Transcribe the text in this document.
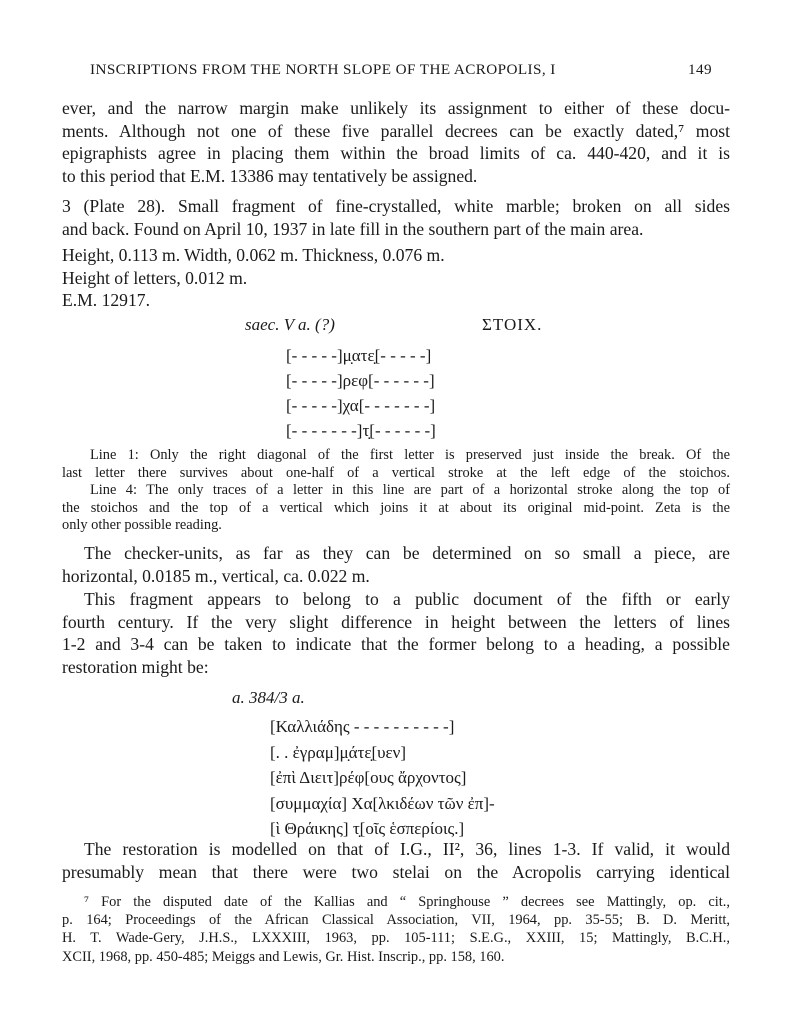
INSCRIPTIONS FROM THE NORTH SLOPE OF THE ACROPOLIS, I	149
ever, and the narrow margin make unlikely its assignment to either of these docu-
ments. Although not one of these five parallel decrees can be exactly dated,⁷ most
epigraphists agree in placing them within the broad limits of ca. 440-420, and it is
to this period that E.M. 13386 may tentatively be assigned.
3 (Plate 28). Small fragment of fine-crystalled, white marble; broken on all sides
and back. Found on April 10, 1937 in late fill in the southern part of the main area.
Height, 0.113 m. Width, 0.062 m. Thickness, 0.076 m.
Height of letters, 0.012 m.
E.M. 12917.
saec. V a. (?)	ΣΤΟΙΧ.
[- - - - -]μ̣ατε̣[- - - - -]
[- - - - -]ρεφ[- - - - - -]
[- - - - -]χα[- - - - - - -]
[- - - - - - -]τ̣[- - - - - -]
Line 1: Only the right diagonal of the first letter is preserved just inside the break. Of the
last letter there survives about one-half of a vertical stroke at the left edge of the stoichos.
Line 4: The only traces of a letter in this line are part of a horizontal stroke along the top of
the stoichos and the top of a vertical which joins it at about its original mid-point. Zeta is the
only other possible reading.
The checker-units, as far as they can be determined on so small a piece, are
horizontal, 0.0185 m., vertical, ca. 0.022 m.
This fragment appears to belong to a public document of the fifth or early
fourth century. If the very slight difference in height between the letters of lines
1-2 and 3-4 can be taken to indicate that the former belong to a heading, a possible
restoration might be:
a. 384/3 a.
[Καλλιάδης - - - - - - - - - -]
[. . ἐγραμ]μ̣άτε̣[υεν]
[ἐπὶ Διειτ]ρέφ[ους ἄρχοντος]
[συμμαχία] Χα[λκιδέων τῶν ἐπ]-
[ὶ Θράικης] τ̣[οῖς ἑσπερίοις.]
The restoration is modelled on that of I.G., II², 36, lines 1-3. If valid, it would
presumably mean that there were two stelai on the Acropolis carrying identical
⁷ For the disputed date of the Kallias and “ Springhouse ” decrees see Mattingly, op. cit.,
p. 164; Proceedings of the African Classical Association, VII, 1964, pp. 35-55; B. D. Meritt,
H. T. Wade-Gery, J.H.S., LXXXIII, 1963, pp. 105-111; S.E.G., XXIII, 15; Mattingly, B.C.H.,
XCII, 1968, pp. 450-485; Meiggs and Lewis, Gr. Hist. Inscrip., pp. 158, 160.
